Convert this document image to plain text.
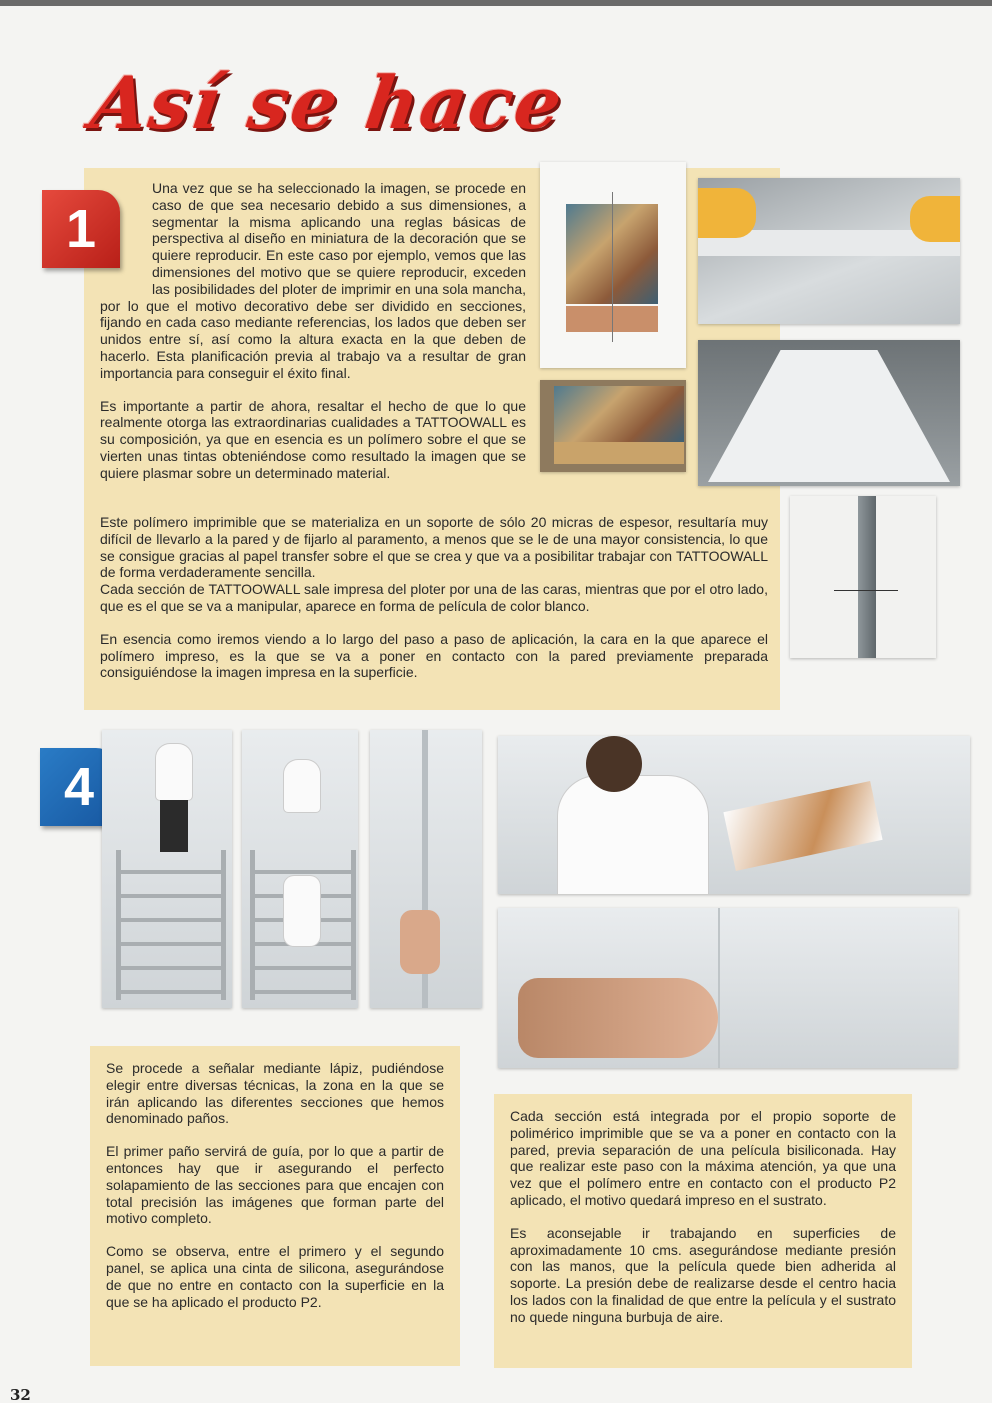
Así se hace

Una vez que se ha seleccionado la imagen, se procede en caso de que sea necesario debido a sus dimensiones, a segmentar la misma aplicando una reglas básicas de perspectiva al diseño en miniatura de la decoración que se quiere reproducir. En este caso por ejemplo, vemos que las dimensiones del motivo que se quiere reproducir, exceden las posibilidades del ploter de imprimir en una sola mancha, por lo que el motivo decorativo debe ser dividido en secciones, fijando en cada caso mediante referencias, los lados que deben ser unidos entre sí, así como la altura exacta en la que deben de hacerlo. Esta planificación previa al trabajo va a resultar de gran importancia para conseguir el éxito final.

Es importante a partir de ahora, resaltar el hecho de que lo que realmente otorga las extraordinarias cualidades a TATTOOWALL es su composición, ya que en esencia es un polímero sobre el que se vierten unas tintas obteniéndose como resultado la imagen que se quiere plasmar sobre un determinado material.

Este polímero imprimible que se materializa en un soporte de sólo 20 micras de espesor, resultaría muy difícil de llevarlo a la pared y de fijarlo al paramento, a menos que se le de una mayor consistencia, lo que se consigue gracias al papel transfer sobre el que se crea y que va a posibilitar trabajar con TATTOOWALL de forma verdaderamente sencilla.

Cada sección de TATTOOWALL sale impresa del ploter por una de las caras, mientras que por el otro lado, que es el que se va a manipular, aparece en forma de película de color blanco.

En esencia como iremos viendo a lo largo del paso a paso de aplicación, la cara en la que aparece el polímero impreso, es la que se va a poner en contacto con la pared previamente preparada consiguiéndose la imagen impresa en la superficie.

1
4

Se procede a señalar mediante lápiz, pudiéndose elegir entre diversas técnicas, la zona en la que se irán aplicando las diferentes secciones que hemos denominado paños.

El primer paño servirá de guía, por lo que a partir de entonces hay que ir asegurando el perfecto solapamiento de las secciones para que encajen con total precisión las imágenes que forman parte del motivo completo.

Como se observa, entre el primero y el segundo panel, se aplica una cinta de silicona, asegurándose de que no entre en contacto con la superficie en la que se ha aplicado el producto P2.

Cada sección está integrada por el propio soporte de polimérico imprimible que se va a poner en contacto con la pared, previa separación de una película bisiliconada. Hay que realizar este paso con la máxima atención, ya que una vez que el polímero entre en contacto con el producto P2 aplicado, el motivo quedará impreso en el sustrato.

Es aconsejable ir trabajando en superficies de aproximadamente 10 cms. asegurándose mediante presión con las manos, que la película quede bien adherida al soporte. La presión debe de realizarse desde el centro hacia los lados con la finalidad de que entre la película y el sustrato no quede ninguna burbuja de aire.

32
